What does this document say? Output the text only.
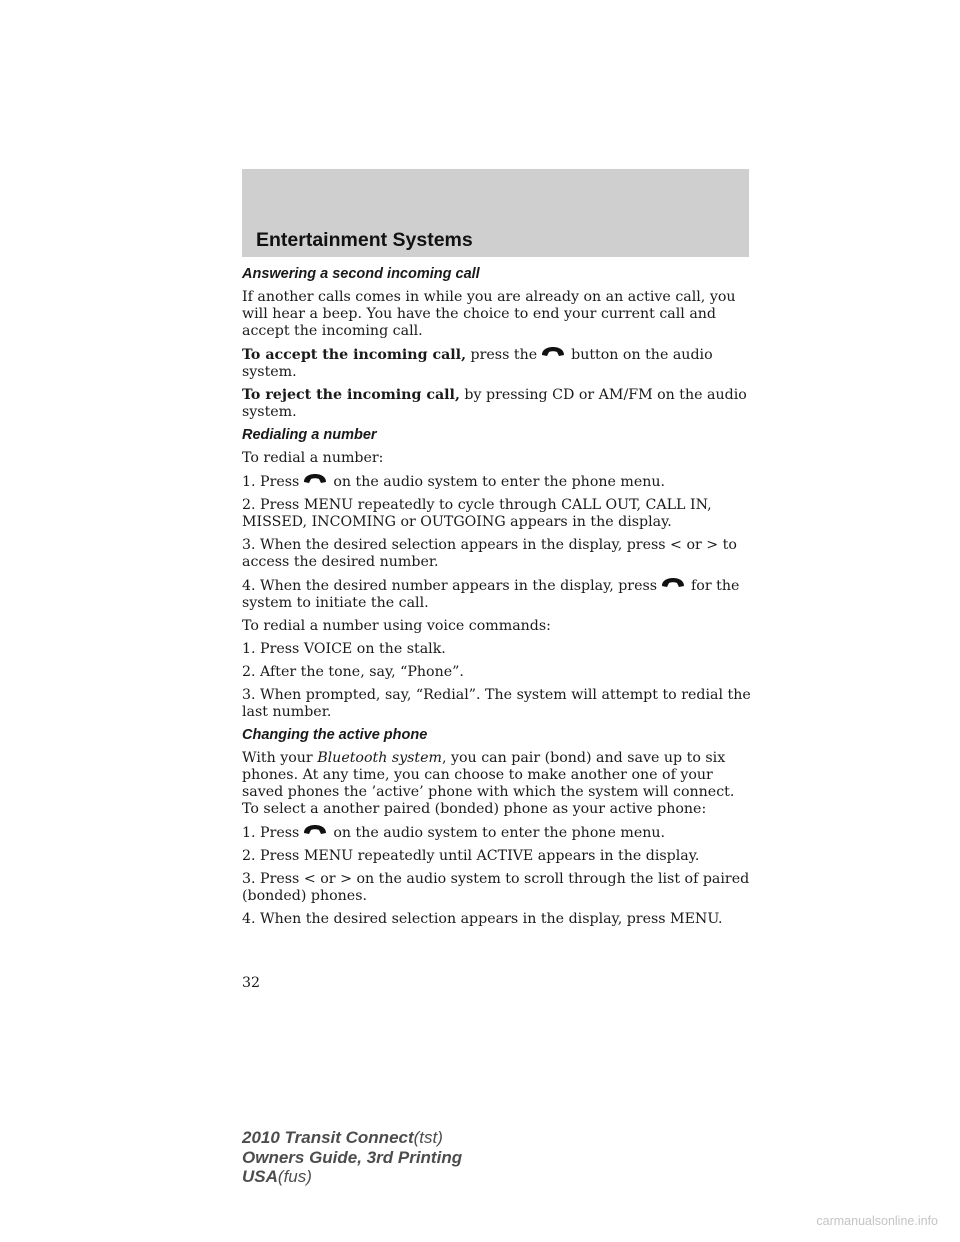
Entertainment Systems
Answering a second incoming call

If another calls comes in while you are already on an active call, you will hear a beep. You have the choice to end your current call and accept the incoming call.

To accept the incoming call, press the button on the audio system.

To reject the incoming call, by pressing CD or AM/FM on the audio system.

Redialing a number

To redial a number:

1. Press on the audio system to enter the phone menu.

2. Press MENU repeatedly to cycle through CALL OUT, CALL IN, MISSED, INCOMING or OUTGOING appears in the display.

3. When the desired selection appears in the display, press < or > to access the desired number.

4. When the desired number appears in the display, press for the system to initiate the call.

To redial a number using voice commands:

1. Press VOICE on the stalk.

2. After the tone, say, “Phone”.

3. When prompted, say, “Redial”. The system will attempt to redial the last number.

Changing the active phone

With your Bluetooth system, you can pair (bond) and save up to six phones. At any time, you can choose to make another one of your saved phones the ’active’ phone with which the system will connect. To select a another paired (bonded) phone as your active phone:

1. Press on the audio system to enter the phone menu.

2. Press MENU repeatedly until ACTIVE appears in the display.

3. Press < or > on the audio system to scroll through the list of paired (bonded) phones.

4. When the desired selection appears in the display, press MENU.

32
2010 Transit Connect(tst)
Owners Guide, 3rd Printing
USA(fus)
carmanualsonline.info
